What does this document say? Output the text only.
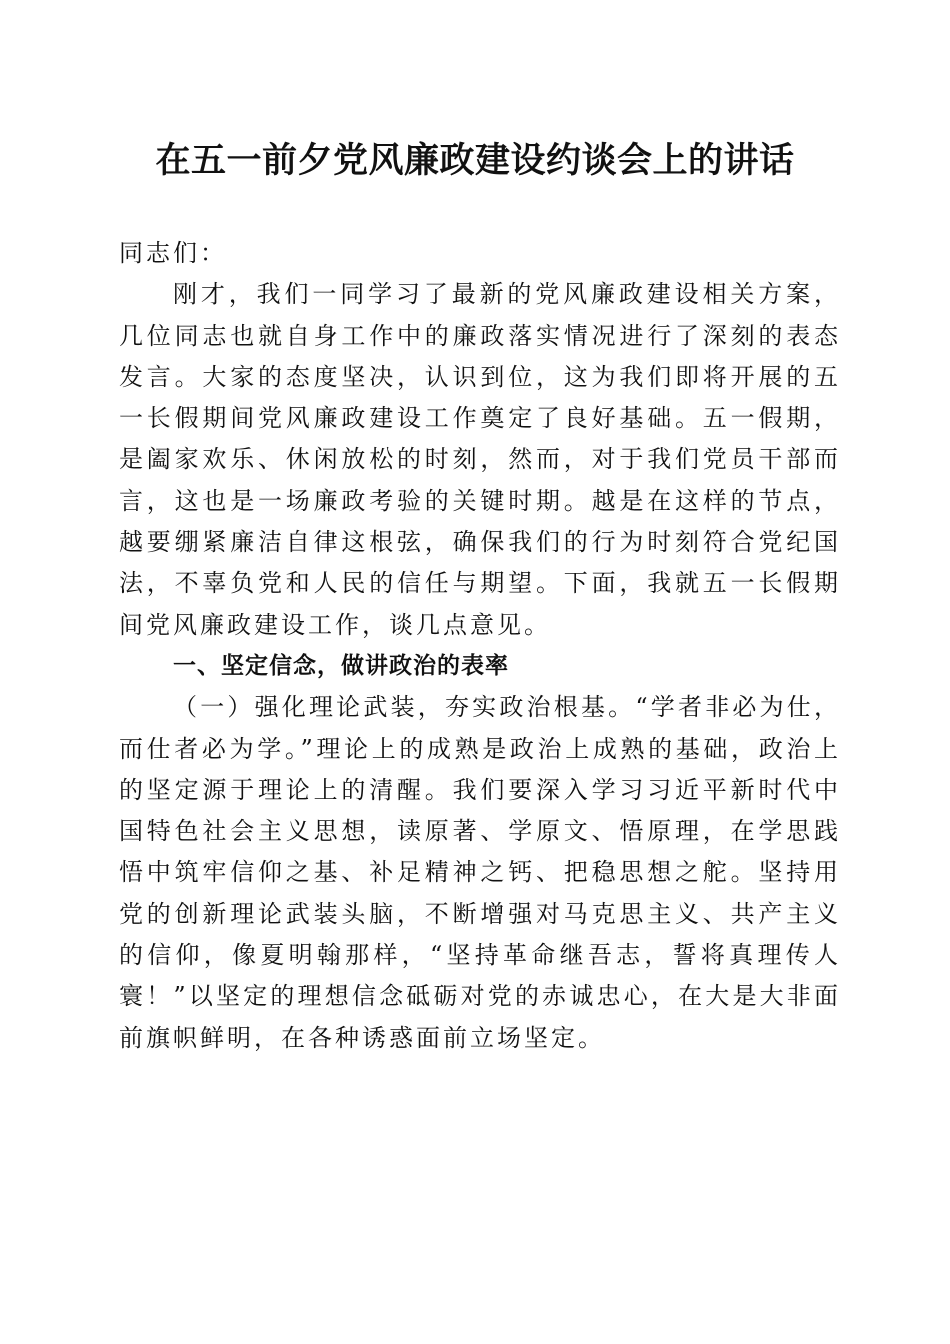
在五一前夕党风廉政建设约谈会上的讲话

同志们：

刚才，我们一同学习了最新的党风廉政建设相关方案，几位同志也就自身工作中的廉政落实情况进行了深刻的表态发言。大家的态度坚决，认识到位，这为我们即将开展的五一长假期间党风廉政建设工作奠定了良好基础。五一假期，是阖家欢乐、休闲放松的时刻，然而，对于我们党员干部而言，这也是一场廉政考验的关键时期。越是在这样的节点，越要绷紧廉洁自律这根弦，确保我们的行为时刻符合党纪国法，不辜负党和人民的信任与期望。下面，我就五一长假期间党风廉政建设工作，谈几点意见。

一、坚定信念，做讲政治的表率

（一）强化理论武装，夯实政治根基。“学者非必为仕，而仕者必为学。”理论上的成熟是政治上成熟的基础，政治上的坚定源于理论上的清醒。我们要深入学习习近平新时代中国特色社会主义思想，读原著、学原文、悟原理，在学思践悟中筑牢信仰之基、补足精神之钙、把稳思想之舵。坚持用党的创新理论武装头脑，不断增强对马克思主义、共产主义的信仰，像夏明翰那样，“坚持革命继吾志，誓将真理传人寰！”以坚定的理想信念砥砺对党的赤诚忠心，在大是大非面前旗帜鲜明，在各种诱惑面前立场坚定。
